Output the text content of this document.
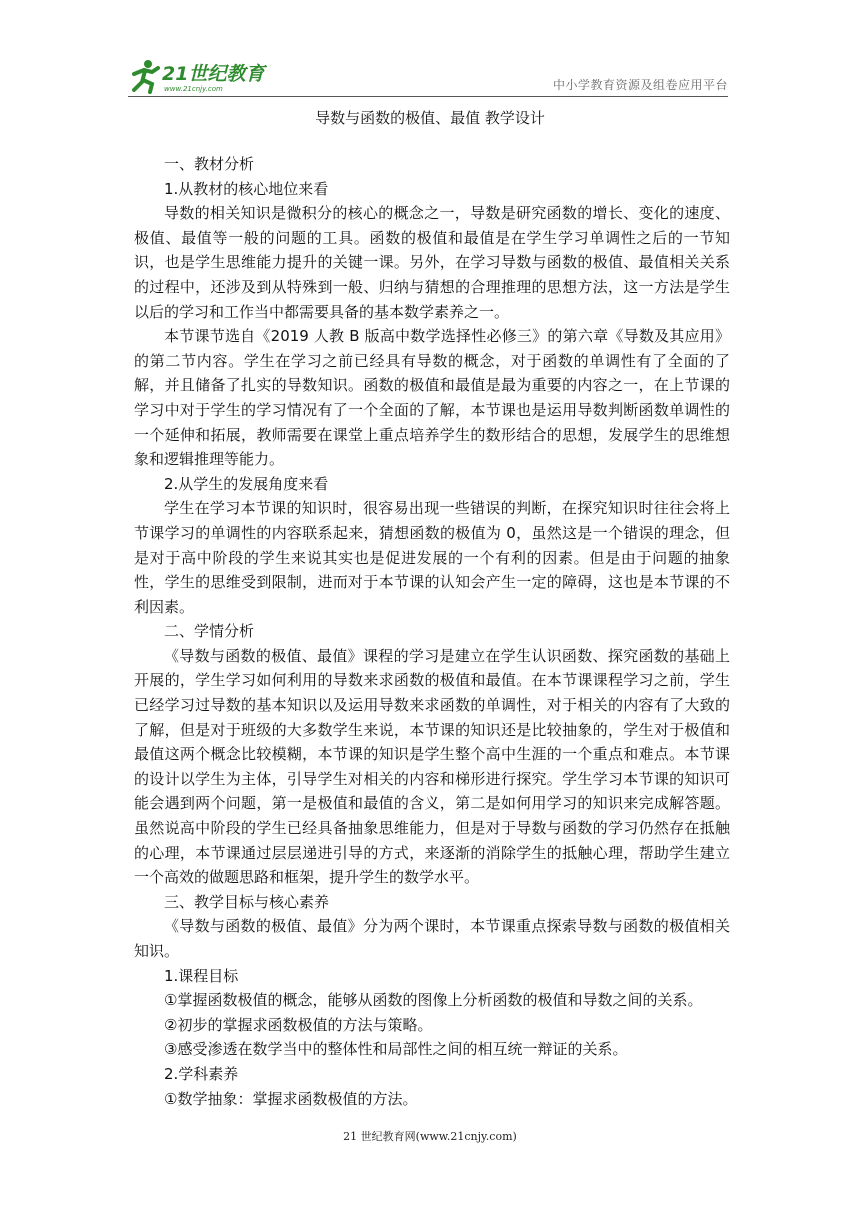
21世纪教育
www.21cnjy.com	中小学教育资源及组卷应用平台
导数与函数的极值、最值 教学设计

一、教材分析

1.从教材的核心地位来看

导数的相关知识是微积分的核心的概念之一，导数是研究函数的增长、变化的速度、极值、最值等一般的问题的工具。函数的极值和最值是在学生学习单调性之后的一节知识，也是学生思维能力提升的关键一课。另外，在学习导数与函数的极值、最值相关关系的过程中，还涉及到从特殊到一般、归纳与猜想的合理推理的思想方法，这一方法是学生以后的学习和工作当中都需要具备的基本数学素养之一。

本节课节选自《2019 人教 B 版高中数学选择性必修三》的第六章《导数及其应用》的第二节内容。学生在学习之前已经具有导数的概念，对于函数的单调性有了全面的了解，并且储备了扎实的导数知识。函数的极值和最值是最为重要的内容之一，在上节课的学习中对于学生的学习情况有了一个全面的了解，本节课也是运用导数判断函数单调性的一个延伸和拓展，教师需要在课堂上重点培养学生的数形结合的思想，发展学生的思维想象和逻辑推理等能力。

2.从学生的发展角度来看

学生在学习本节课的知识时，很容易出现一些错误的判断，在探究知识时往往会将上节课学习的单调性的内容联系起来，猜想函数的极值为 0，虽然这是一个错误的理念，但是对于高中阶段的学生来说其实也是促进发展的一个有利的因素。但是由于问题的抽象性，学生的思维受到限制，进而对于本节课的认知会产生一定的障碍，这也是本节课的不利因素。

二、学情分析

《导数与函数的极值、最值》课程的学习是建立在学生认识函数、探究函数的基础上开展的，学生学习如何利用的导数来求函数的极值和最值。在本节课课程学习之前，学生已经学习过导数的基本知识以及运用导数来求函数的单调性，对于相关的内容有了大致的了解，但是对于班级的大多数学生来说，本节课的知识还是比较抽象的，学生对于极值和最值这两个概念比较模糊，本节课的知识是学生整个高中生涯的一个重点和难点。本节课的设计以学生为主体，引导学生对相关的内容和梯形进行探究。学生学习本节课的知识可能会遇到两个问题，第一是极值和最值的含义，第二是如何用学习的知识来完成解答题。虽然说高中阶段的学生已经具备抽象思维能力，但是对于导数与函数的学习仍然存在抵触的心理，本节课通过层层递进引导的方式，来逐渐的消除学生的抵触心理，帮助学生建立一个高效的做题思路和框架，提升学生的数学水平。

三、教学目标与核心素养

《导数与函数的极值、最值》分为两个课时，本节课重点探索导数与函数的极值相关知识。

1.课程目标

①掌握函数极值的概念，能够从函数的图像上分析函数的极值和导数之间的关系。

②初步的掌握求函数极值的方法与策略。

③感受渗透在数学当中的整体性和局部性之间的相互统一辩证的关系。

2.学科素养

①数学抽象：掌握求函数极值的方法。

21 世纪教育网(www.21cnjy.com)
